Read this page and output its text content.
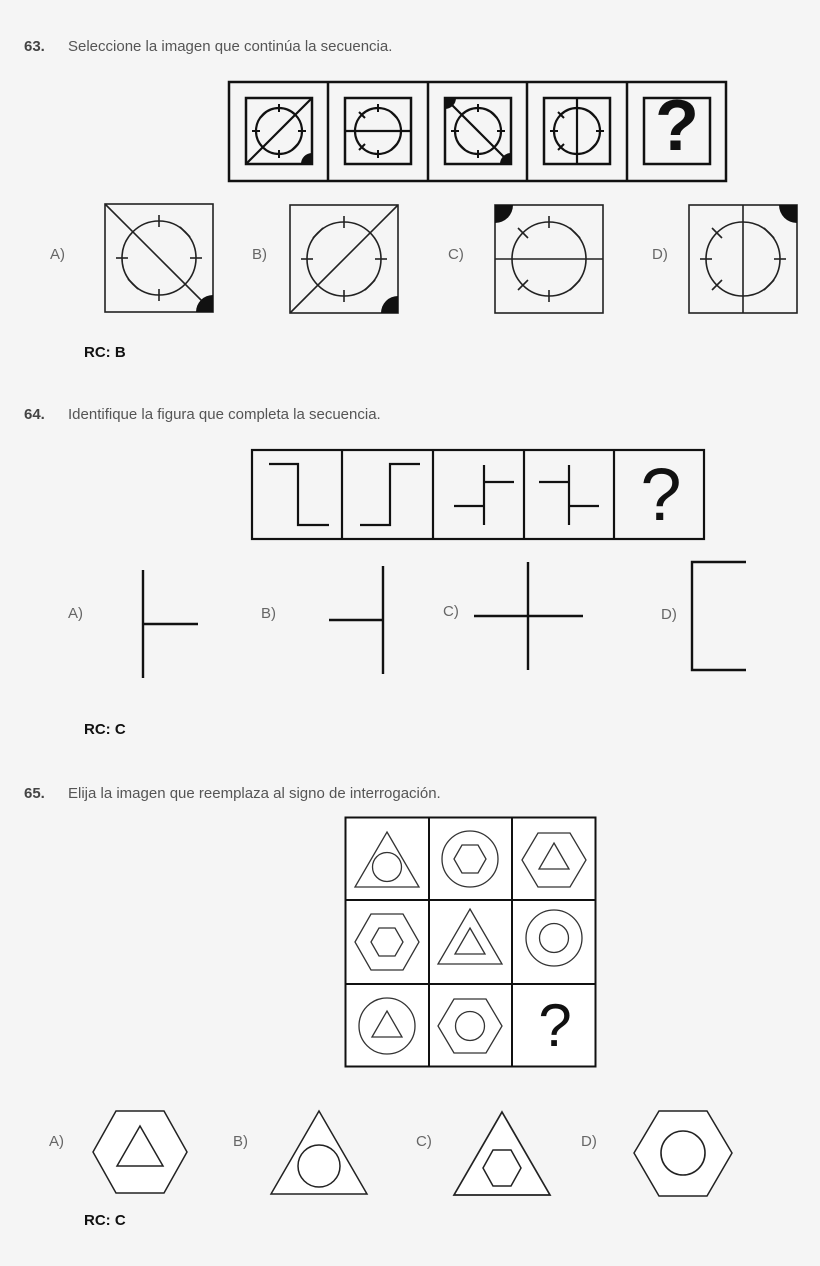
63. Seleccione la imagen que continúa la secuencia.
?
A)	B)	C)	D)
RC: B
64. Identifique la figura que completa la secuencia.
?
A)	B)	C)	D)
RC: C
65. Elija la imagen que reemplaza al signo de interrogación.
?
A)	B)	C)	D)
RC: C
